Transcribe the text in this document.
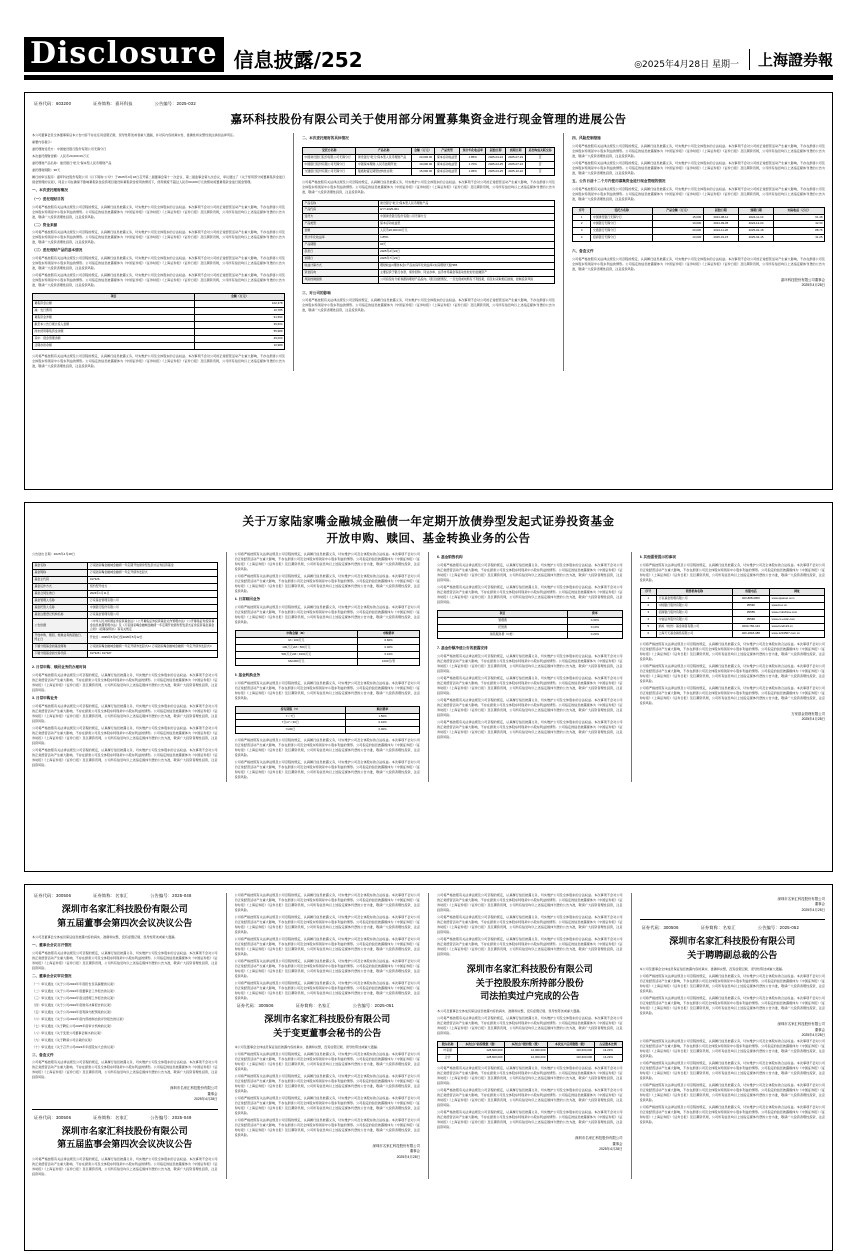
Disclosure 信息披露/252	◎2025年4月28日 星期一	上海證券報
证券代码：603200	证券简称：嘉环科技	公告编号：2025-032
嘉环科技股份有限公司关于使用部分闲置募集资金进行现金管理的进展公告

本公司董事会及全体董事保证本公告内容不存在任何虚假记载、误导性陈述或者重大遗漏，并对其内容的真实性、准确性和完整性依法承担法律责任。

重要内容提示：

委托理财受托方：中国建设银行股份有限公司无锡分行

本次委托理财金额：人民币20,000.00万元

委托理财产品名称：建设银行“乾元”保本型人民币理财产品

委托理财期限：90天

履行的审议程序：嘉环科技股份有限公司（以下简称“公司”）于2025年3月18日召开第二届董事会第十一次会议、第二届监事会第九次会议，审议通过了《关于使用部分闲置募集资金进行现金管理的议案》，同意公司在确保不影响募集资金投资项目建设和募集资金使用的情况下，使用额度不超过人民币60,000万元的暂时闲置募集资金进行现金管理。

一、本次委托理财概况
（一）委托理财目的

公司将严格按照有关法律法规及公司章程的规定，认真履行信息披露义务，切实维护公司及全体股东的合法权益。本次事项不会对公司的正常经营活动产生重大影响，不存在损害公司及全体股东特别是中小股东利益的情形。公司指定的信息披露媒体为《中国证券报》《证券时报》《上海证券报》《证券日报》及巨潮资讯网，公司所有信息均以上述指定媒体刊登的公告为准，敬请广大投资者理性投资，注意投资风险。

（二）资金来源

公司将严格按照有关法律法规及公司章程的规定，认真履行信息披露义务，切实维护公司及全体股东的合法权益。本次事项不会对公司的正常经营活动产生重大影响，不存在损害公司及全体股东特别是中小股东利益的情形。公司指定的信息披露媒体为《中国证券报》《证券时报》《上海证券报》《证券日报》及巨潮资讯网，公司所有信息均以上述指定媒体刊登的公告为准，敬请广大投资者理性投资，注意投资风险。

（三）委托理财产品的基本情况

公司将严格按照有关法律法规及公司章程的规定，认真履行信息披露义务，切实维护公司及全体股东的合法权益。本次事项不会对公司的正常经营活动产生重大影响，不存在损害公司及全体股东特别是中小股东利益的情形。公司指定的信息披露媒体为《中国证券报》《证券时报》《上海证券报》《证券日报》及巨潮资讯网，公司所有信息均以上述指定媒体刊登的公告为准，敬请广大投资者理性投资，注意投资风险。

公司将严格按照有关法律法规及公司章程的规定，认真履行信息披露义务，切实维护公司及全体股东的合法权益。本次事项不会对公司的正常经营活动产生重大影响，不存在损害公司及全体股东特别是中小股东利益的情形。公司指定的信息披露媒体为《中国证券报》《证券时报》《上海证券报》《证券日报》及巨潮资讯网，公司所有信息均以上述指定媒体刊登的公告为准，敬请广大投资者理性投资，注意投资风险。

项目	金额（万元）
募集资金总额	102,378
减：发行费用	10,785
募集资金净额	91,593
截至本公告日累计投入金额	35,604
尚未使用募集资金余额	55,989
其中：现金管理余额	45,000
活期存款余额	10,989

公司将严格按照有关法律法规及公司章程的规定，认真履行信息披露义务，切实维护公司及全体股东的合法权益。本次事项不会对公司的正常经营活动产生重大影响，不存在损害公司及全体股东特别是中小股东利益的情形。公司指定的信息披露媒体为《中国证券报》《证券时报》《上海证券报》《证券日报》及巨潮资讯网，公司所有信息均以上述指定媒体刊登的公告为准，敬请广大投资者理性投资，注意投资风险。

二、本次委托理财的具体情况
受托方名称	产品名称	金额（万元）	产品类型	预计年化收益率	起始日期	到期日期	是否构成关联交易
中国建设银行股份有限公司无锡分行	建设银行“乾元”保本型人民币理财产品	20,000.00	保本浮动收益型	1.85%	2025-04-24	2025-07-23	否
中国银行股份有限公司无锡分行	中银保本理财-人民币按期开放	10,000.00	保本浮动收益型	1.70%	2025-04-25	2025-07-24	否
交通银行股份有限公司无锡分行	蕴通财富定期型结构性存款	15,000.00	保本浮动收益型	1.95%	2025-04-25	2025-10-22	否

公司将严格按照有关法律法规及公司章程的规定，认真履行信息披露义务，切实维护公司及全体股东的合法权益。本次事项不会对公司的正常经营活动产生重大影响，不存在损害公司及全体股东特别是中小股东利益的情形。公司指定的信息披露媒体为《中国证券报》《证券时报》《上海证券报》《证券日报》及巨潮资讯网，公司所有信息均以上述指定媒体刊登的公告为准，敬请广大投资者理性投资，注意投资风险。

产品名称	建设银行“乾元”保本型人民币理财产品
产品代码	HYT-2025-001
受托方	中国建设银行股份有限公司无锡分行
产品类型	保本浮动收益型
金额	人民币20,000.00万元
预计年化收益率	1.85%
产品期限	90天
起息日	2025年4月24日
到期日	2025年7月23日
收益计算方式	理财收益=理财本金×产品实际年化收益率×实际理财天数/365
资金投向	主要投资于银行存款、债券回购、同业存单、货币市场基金等流动性较好的金融资产
风险控制措施	公司将及时分析和跟踪理财产品投向、项目进展情况，一旦发现或判断有不利因素，将及时采取相应措施，控制投资风险
三、对公司的影响

公司将严格按照有关法律法规及公司章程的规定，认真履行信息披露义务，切实维护公司及全体股东的合法权益。本次事项不会对公司的正常经营活动产生重大影响，不存在损害公司及全体股东特别是中小股东利益的情形。公司指定的信息披露媒体为《中国证券报》《证券时报》《上海证券报》《证券日报》及巨潮资讯网，公司所有信息均以上述指定媒体刊登的公告为准，敬请广大投资者理性投资，注意投资风险。

四、风险控制措施

公司将严格按照有关法律法规及公司章程的规定，认真履行信息披露义务，切实维护公司及全体股东的合法权益。本次事项不会对公司的正常经营活动产生重大影响，不存在损害公司及全体股东特别是中小股东利益的情形。公司指定的信息披露媒体为《中国证券报》《证券时报》《上海证券报》《证券日报》及巨潮资讯网，公司所有信息均以上述指定媒体刊登的公告为准，敬请广大投资者理性投资，注意投资风险。

公司将严格按照有关法律法规及公司章程的规定，认真履行信息披露义务，切实维护公司及全体股东的合法权益。本次事项不会对公司的正常经营活动产生重大影响，不存在损害公司及全体股东特别是中小股东利益的情形。公司指定的信息披露媒体为《中国证券报》《证券时报》《上海证券报》《证券日报》及巨潮资讯网，公司所有信息均以上述指定媒体刊登的公告为准，敬请广大投资者理性投资，注意投资风险。

五、公告日前十二个月内使用募集资金进行现金管理的情况

公司将严格按照有关法律法规及公司章程的规定，认真履行信息披露义务，切实维护公司及全体股东的合法权益。本次事项不会对公司的正常经营活动产生重大影响，不存在损害公司及全体股东特别是中小股东利益的情形。公司指定的信息披露媒体为《中国证券报》《证券时报》《上海证券报》《证券日报》及巨潮资讯网，公司所有信息均以上述指定媒体刊登的公告为准，敬请广大投资者理性投资，注意投资风险。

序号	受托方名称	产品金额（万元）	起始日期	到期日期	实际收益（万元）
1	中国建设银行无锡分行	15,000	2024-08-12	2024-11-10	61.48
2	中国银行无锡分行	10,000	2024-09-05	2024-12-04	42.33
3	交通银行无锡分行	20,000	2024-11-20	2025-02-18	88.76
4	招商银行无锡分行	10,000	2025-01-15	2025-04-15	41.25
六、备查文件

公司将严格按照有关法律法规及公司章程的规定，认真履行信息披露义务，切实维护公司及全体股东的合法权益。本次事项不会对公司的正常经营活动产生重大影响，不存在损害公司及全体股东特别是中小股东利益的情形。公司指定的信息披露媒体为《中国证券报》《证券时报》《上海证券报》《证券日报》及巨潮资讯网，公司所有信息均以上述指定媒体刊登的公告为准，敬请广大投资者理性投资，注意投资风险。

嘉环科技股份有限公司董事会
2025年4月28日
关于万家陆家嘴金融城金融债一年定期开放债券型发起式证券投资基金
开放申购、赎回、基金转换业务的公告

公告送出日期：2025年4月28日

基金名称	万家陆家嘴金融城金融债一年定期开放债券型发起式证券投资基金
基金简称	万家陆家嘴金融城金融债一年定开债券发起式
基金主代码	017326
基金运作方式	契约型开放式
基金合同生效日	2023年1月11日
基金管理人名称	万家基金管理有限公司
基金托管人名称	中国银行股份有限公司
基金注册登记机构名称	万家基金管理有限公司
公告依据	《中华人民共和国证券投资基金法》《公开募集证券投资基金运作管理办法》《公开募集证券投资基金信息披露管理办法》及《万家陆家嘴金融城金融债一年定期开放债券型发起式证券投资基金基金合同》《招募说明书》等有关规定
开放申购、赎回、转换业务的起始日、终止日	开放日：2025年5月6日至2025年5月12日
下属分级基金的基金简称	万家陆家嘴金融城金融债一年定开债券发起式A / 万家陆家嘴金融城金融债一年定开债券发起式C
下属分级基金的交易代码	017326 / 017327
2. 日常申购、赎回业务的办理时间

公司将严格按照有关法律法规及公司章程的规定，认真履行信息披露义务，切实维护公司及全体股东的合法权益。本次事项不会对公司的正常经营活动产生重大影响，不存在损害公司及全体股东特别是中小股东利益的情形。公司指定的信息披露媒体为《中国证券报》《证券时报》《上海证券报》《证券日报》及巨潮资讯网，公司所有信息均以上述指定媒体刊登的公告为准，敬请广大投资者理性投资，注意投资风险。

3. 日常申购业务

公司将严格按照有关法律法规及公司章程的规定，认真履行信息披露义务，切实维护公司及全体股东的合法权益。本次事项不会对公司的正常经营活动产生重大影响，不存在损害公司及全体股东特别是中小股东利益的情形。公司指定的信息披露媒体为《中国证券报》《证券时报》《上海证券报》《证券日报》及巨潮资讯网，公司所有信息均以上述指定媒体刊登的公告为准，敬请广大投资者理性投资，注意投资风险。

公司将严格按照有关法律法规及公司章程的规定，认真履行信息披露义务，切实维护公司及全体股东的合法权益。本次事项不会对公司的正常经营活动产生重大影响，不存在损害公司及全体股东特别是中小股东利益的情形。公司指定的信息披露媒体为《中国证券报》《证券时报》《上海证券报》《证券日报》及巨潮资讯网，公司所有信息均以上述指定媒体刊登的公告为准，敬请广大投资者理性投资，注意投资风险。

公司将严格按照有关法律法规及公司章程的规定，认真履行信息披露义务，切实维护公司及全体股东的合法权益。本次事项不会对公司的正常经营活动产生重大影响，不存在损害公司及全体股东特别是中小股东利益的情形。公司指定的信息披露媒体为《中国证券报》《证券时报》《上海证券报》《证券日报》及巨潮资讯网，公司所有信息均以上述指定媒体刊登的公告为准，敬请广大投资者理性投资，注意投资风险。

公司将严格按照有关法律法规及公司章程的规定，认真履行信息披露义务，切实维护公司及全体股东的合法权益。本次事项不会对公司的正常经营活动产生重大影响，不存在损害公司及全体股东特别是中小股东利益的情形。公司指定的信息披露媒体为《中国证券报》《证券时报》《上海证券报》《证券日报》及巨潮资讯网，公司所有信息均以上述指定媒体刊登的公告为准，敬请广大投资者理性投资，注意投资风险。

公司将严格按照有关法律法规及公司章程的规定，认真履行信息披露义务，切实维护公司及全体股东的合法权益。本次事项不会对公司的正常经营活动产生重大影响，不存在损害公司及全体股东特别是中小股东利益的情形。公司指定的信息披露媒体为《中国证券报》《证券时报》《上海证券报》《证券日报》及巨潮资讯网，公司所有信息均以上述指定媒体刊登的公告为准，敬请广大投资者理性投资，注意投资风险。

4. 日常赎回业务

公司将严格按照有关法律法规及公司章程的规定，认真履行信息披露义务，切实维护公司及全体股东的合法权益。本次事项不会对公司的正常经营活动产生重大影响，不存在损害公司及全体股东特别是中小股东利益的情形。公司指定的信息披露媒体为《中国证券报》《证券时报》《上海证券报》《证券日报》及巨潮资讯网，公司所有信息均以上述指定媒体刊登的公告为准，敬请广大投资者理性投资，注意投资风险。

申购金额（M）	申购费率
M＜100万元	0.60%
100万元≤M＜500万元	0.40%
500万元≤M＜1000万元	0.10%
M≥1000万元	1000元/笔
5. 基金转换业务

公司将严格按照有关法律法规及公司章程的规定，认真履行信息披露义务，切实维护公司及全体股东的合法权益。本次事项不会对公司的正常经营活动产生重大影响，不存在损害公司及全体股东特别是中小股东利益的情形。公司指定的信息披露媒体为《中国证券报》《证券时报》《上海证券报》《证券日报》及巨潮资讯网，公司所有信息均以上述指定媒体刊登的公告为准，敬请广大投资者理性投资，注意投资风险。

持有期限（Y）	赎回费率
Y＜7日	1.50%
7日≤Y＜30日	0.10%
Y≥30日	0.00%

公司将严格按照有关法律法规及公司章程的规定，认真履行信息披露义务，切实维护公司及全体股东的合法权益。本次事项不会对公司的正常经营活动产生重大影响，不存在损害公司及全体股东特别是中小股东利益的情形。公司指定的信息披露媒体为《中国证券报》《证券时报》《上海证券报》《证券日报》及巨潮资讯网，公司所有信息均以上述指定媒体刊登的公告为准，敬请广大投资者理性投资，注意投资风险。

公司将严格按照有关法律法规及公司章程的规定，认真履行信息披露义务，切实维护公司及全体股东的合法权益。本次事项不会对公司的正常经营活动产生重大影响，不存在损害公司及全体股东特别是中小股东利益的情形。公司指定的信息披露媒体为《中国证券报》《证券时报》《上海证券报》《证券日报》及巨潮资讯网，公司所有信息均以上述指定媒体刊登的公告为准，敬请广大投资者理性投资，注意投资风险。

6. 基金销售机构

公司将严格按照有关法律法规及公司章程的规定，认真履行信息披露义务，切实维护公司及全体股东的合法权益。本次事项不会对公司的正常经营活动产生重大影响，不存在损害公司及全体股东特别是中小股东利益的情形。公司指定的信息披露媒体为《中国证券报》《证券时报》《上海证券报》《证券日报》及巨潮资讯网，公司所有信息均以上述指定媒体刊登的公告为准，敬请广大投资者理性投资，注意投资风险。

公司将严格按照有关法律法规及公司章程的规定，认真履行信息披露义务，切实维护公司及全体股东的合法权益。本次事项不会对公司的正常经营活动产生重大影响，不存在损害公司及全体股东特别是中小股东利益的情形。公司指定的信息披露媒体为《中国证券报》《证券时报》《上海证券报》《证券日报》及巨潮资讯网，公司所有信息均以上述指定媒体刊登的公告为准，敬请广大投资者理性投资，注意投资风险。

项目	费率
管理费	0.30%
托管费	0.10%
销售服务费（C类）	0.20%
7. 基金份额净值公告的披露安排

公司将严格按照有关法律法规及公司章程的规定，认真履行信息披露义务，切实维护公司及全体股东的合法权益。本次事项不会对公司的正常经营活动产生重大影响，不存在损害公司及全体股东特别是中小股东利益的情形。公司指定的信息披露媒体为《中国证券报》《证券时报》《上海证券报》《证券日报》及巨潮资讯网，公司所有信息均以上述指定媒体刊登的公告为准，敬请广大投资者理性投资，注意投资风险。

公司将严格按照有关法律法规及公司章程的规定，认真履行信息披露义务，切实维护公司及全体股东的合法权益。本次事项不会对公司的正常经营活动产生重大影响，不存在损害公司及全体股东特别是中小股东利益的情形。公司指定的信息披露媒体为《中国证券报》《证券时报》《上海证券报》《证券日报》及巨潮资讯网，公司所有信息均以上述指定媒体刊登的公告为准，敬请广大投资者理性投资，注意投资风险。

公司将严格按照有关法律法规及公司章程的规定，认真履行信息披露义务，切实维护公司及全体股东的合法权益。本次事项不会对公司的正常经营活动产生重大影响，不存在损害公司及全体股东特别是中小股东利益的情形。公司指定的信息披露媒体为《中国证券报》《证券时报》《上海证券报》《证券日报》及巨潮资讯网，公司所有信息均以上述指定媒体刊登的公告为准，敬请广大投资者理性投资，注意投资风险。

公司将严格按照有关法律法规及公司章程的规定，认真履行信息披露义务，切实维护公司及全体股东的合法权益。本次事项不会对公司的正常经营活动产生重大影响，不存在损害公司及全体股东特别是中小股东利益的情形。公司指定的信息披露媒体为《中国证券报》《证券时报》《上海证券报》《证券日报》及巨潮资讯网，公司所有信息均以上述指定媒体刊登的公告为准，敬请广大投资者理性投资，注意投资风险。

8. 其他需要提示的事项

公司将严格按照有关法律法规及公司章程的规定，认真履行信息披露义务，切实维护公司及全体股东的合法权益。本次事项不会对公司的正常经营活动产生重大影响，不存在损害公司及全体股东特别是中小股东利益的情形。公司指定的信息披露媒体为《中国证券报》《证券时报》《上海证券报》《证券日报》及巨潮资讯网，公司所有信息均以上述指定媒体刊登的公告为准，敬请广大投资者理性投资，注意投资风险。

序号	销售机构名称	客服电话	网址
1	万家基金管理有限公司	400-888-0800	www.wjasset.com
2	中国银行股份有限公司	95566	www.boc.cn
3	招商银行股份有限公司	95555	www.cmbchina.com
4	中信证券股份有限公司	95548	www.cs.ecitic.com
5	蚂蚁（杭州）基金销售有限公司	4000-766-123	www.fund123.cn
6	上海天天基金销售有限公司	400-1818-188	www.1234567.com.cn

公司将严格按照有关法律法规及公司章程的规定，认真履行信息披露义务，切实维护公司及全体股东的合法权益。本次事项不会对公司的正常经营活动产生重大影响，不存在损害公司及全体股东特别是中小股东利益的情形。公司指定的信息披露媒体为《中国证券报》《证券时报》《上海证券报》《证券日报》及巨潮资讯网，公司所有信息均以上述指定媒体刊登的公告为准，敬请广大投资者理性投资，注意投资风险。

公司将严格按照有关法律法规及公司章程的规定，认真履行信息披露义务，切实维护公司及全体股东的合法权益。本次事项不会对公司的正常经营活动产生重大影响，不存在损害公司及全体股东特别是中小股东利益的情形。公司指定的信息披露媒体为《中国证券报》《证券时报》《上海证券报》《证券日报》及巨潮资讯网，公司所有信息均以上述指定媒体刊登的公告为准，敬请广大投资者理性投资，注意投资风险。

公司将严格按照有关法律法规及公司章程的规定，认真履行信息披露义务，切实维护公司及全体股东的合法权益。本次事项不会对公司的正常经营活动产生重大影响，不存在损害公司及全体股东特别是中小股东利益的情形。公司指定的信息披露媒体为《中国证券报》《证券时报》《上海证券报》《证券日报》及巨潮资讯网，公司所有信息均以上述指定媒体刊登的公告为准，敬请广大投资者理性投资，注意投资风险。

万家基金管理有限公司
2025年4月28日
证券代码：300506	证券简称：名家汇	公告编号：2025-048
深圳市名家汇科技股份有限公司
第五届董事会第四次会议决议公告

本公司及董事会全体成员保证信息披露内容的真实、准确和完整，没有虚假记载、误导性陈述或重大遗漏。

一、董事会会议召开情况

公司将严格按照有关法律法规及公司章程的规定，认真履行信息披露义务，切实维护公司及全体股东的合法权益。本次事项不会对公司的正常经营活动产生重大影响，不存在损害公司及全体股东特别是中小股东利益的情形。公司指定的信息披露媒体为《中国证券报》《证券时报》《上海证券报》《证券日报》及巨潮资讯网，公司所有信息均以上述指定媒体刊登的公告为准，敬请广大投资者理性投资，注意投资风险。

二、董事会会议审议情况

（一）审议通过《关于公司2024年年度报告及其摘要的议案》

（二）审议通过《关于公司2024年度董事会工作报告的议案》

（三）审议通过《关于公司2024年度总经理工作报告的议案》

（四）审议通过《关于公司2024年度财务决算报告的议案》

（五）审议通过《关于公司2024年度利润分配预案的议案》

（六）审议通过《关于公司2024年度内部控制自我评价报告的议案》

（七）审议通过《关于聘任公司2025年度审计机构的议案》

（八）审议通过《关于变更公司董事会秘书的议案》

（九）审议通过《关于聘请公司总裁的议案》

（十）审议通过《关于召开公司2024年年度股东大会的议案》

三、备查文件

公司将严格按照有关法律法规及公司章程的规定，认真履行信息披露义务，切实维护公司及全体股东的合法权益。本次事项不会对公司的正常经营活动产生重大影响，不存在损害公司及全体股东特别是中小股东利益的情形。公司指定的信息披露媒体为《中国证券报》《证券时报》《上海证券报》《证券日报》及巨潮资讯网，公司所有信息均以上述指定媒体刊登的公告为准，敬请广大投资者理性投资，注意投资风险。

深圳市名家汇科技股份有限公司
董事会
2025年4月28日
证券代码：300506	证券简称：名家汇	公告编号：2025-049
深圳市名家汇科技股份有限公司
第五届监事会第四次会议决议公告

公司将严格按照有关法律法规及公司章程的规定，认真履行信息披露义务，切实维护公司及全体股东的合法权益。本次事项不会对公司的正常经营活动产生重大影响，不存在损害公司及全体股东特别是中小股东利益的情形。公司指定的信息披露媒体为《中国证券报》《证券时报》《上海证券报》《证券日报》及巨潮资讯网，公司所有信息均以上述指定媒体刊登的公告为准，敬请广大投资者理性投资，注意投资风险。

公司将严格按照有关法律法规及公司章程的规定，认真履行信息披露义务，切实维护公司及全体股东的合法权益。本次事项不会对公司的正常经营活动产生重大影响，不存在损害公司及全体股东特别是中小股东利益的情形。公司指定的信息披露媒体为《中国证券报》《证券时报》《上海证券报》《证券日报》及巨潮资讯网，公司所有信息均以上述指定媒体刊登的公告为准，敬请广大投资者理性投资，注意投资风险。

公司将严格按照有关法律法规及公司章程的规定，认真履行信息披露义务，切实维护公司及全体股东的合法权益。本次事项不会对公司的正常经营活动产生重大影响，不存在损害公司及全体股东特别是中小股东利益的情形。公司指定的信息披露媒体为《中国证券报》《证券时报》《上海证券报》《证券日报》及巨潮资讯网，公司所有信息均以上述指定媒体刊登的公告为准，敬请广大投资者理性投资，注意投资风险。

公司将严格按照有关法律法规及公司章程的规定，认真履行信息披露义务，切实维护公司及全体股东的合法权益。本次事项不会对公司的正常经营活动产生重大影响，不存在损害公司及全体股东特别是中小股东利益的情形。公司指定的信息披露媒体为《中国证券报》《证券时报》《上海证券报》《证券日报》及巨潮资讯网，公司所有信息均以上述指定媒体刊登的公告为准，敬请广大投资者理性投资，注意投资风险。

公司将严格按照有关法律法规及公司章程的规定，认真履行信息披露义务，切实维护公司及全体股东的合法权益。本次事项不会对公司的正常经营活动产生重大影响，不存在损害公司及全体股东特别是中小股东利益的情形。公司指定的信息披露媒体为《中国证券报》《证券时报》《上海证券报》《证券日报》及巨潮资讯网，公司所有信息均以上述指定媒体刊登的公告为准，敬请广大投资者理性投资，注意投资风险。

公司将严格按照有关法律法规及公司章程的规定，认真履行信息披露义务，切实维护公司及全体股东的合法权益。本次事项不会对公司的正常经营活动产生重大影响，不存在损害公司及全体股东特别是中小股东利益的情形。公司指定的信息披露媒体为《中国证券报》《证券时报》《上海证券报》《证券日报》及巨潮资讯网，公司所有信息均以上述指定媒体刊登的公告为准，敬请广大投资者理性投资，注意投资风险。

证券代码：300506	证券简称：名家汇	公告编号：2025-051
深圳市名家汇科技股份有限公司
关于变更董事会秘书的公告

本公司及董事会全体成员保证信息披露内容的真实、准确和完整，没有虚假记载、误导性陈述或重大遗漏。

公司将严格按照有关法律法规及公司章程的规定，认真履行信息披露义务，切实维护公司及全体股东的合法权益。本次事项不会对公司的正常经营活动产生重大影响，不存在损害公司及全体股东特别是中小股东利益的情形。公司指定的信息披露媒体为《中国证券报》《证券时报》《上海证券报》《证券日报》及巨潮资讯网，公司所有信息均以上述指定媒体刊登的公告为准，敬请广大投资者理性投资，注意投资风险。

公司将严格按照有关法律法规及公司章程的规定，认真履行信息披露义务，切实维护公司及全体股东的合法权益。本次事项不会对公司的正常经营活动产生重大影响，不存在损害公司及全体股东特别是中小股东利益的情形。公司指定的信息披露媒体为《中国证券报》《证券时报》《上海证券报》《证券日报》及巨潮资讯网，公司所有信息均以上述指定媒体刊登的公告为准，敬请广大投资者理性投资，注意投资风险。

公司将严格按照有关法律法规及公司章程的规定，认真履行信息披露义务，切实维护公司及全体股东的合法权益。本次事项不会对公司的正常经营活动产生重大影响，不存在损害公司及全体股东特别是中小股东利益的情形。公司指定的信息披露媒体为《中国证券报》《证券时报》《上海证券报》《证券日报》及巨潮资讯网，公司所有信息均以上述指定媒体刊登的公告为准，敬请广大投资者理性投资，注意投资风险。

公司将严格按照有关法律法规及公司章程的规定，认真履行信息披露义务，切实维护公司及全体股东的合法权益。本次事项不会对公司的正常经营活动产生重大影响，不存在损害公司及全体股东特别是中小股东利益的情形。公司指定的信息披露媒体为《中国证券报》《证券时报》《上海证券报》《证券日报》及巨潮资讯网，公司所有信息均以上述指定媒体刊登的公告为准，敬请广大投资者理性投资，注意投资风险。

深圳市名家汇科技股份有限公司
董事会
2025年4月28日

公司将严格按照有关法律法规及公司章程的规定，认真履行信息披露义务，切实维护公司及全体股东的合法权益。本次事项不会对公司的正常经营活动产生重大影响，不存在损害公司及全体股东特别是中小股东利益的情形。公司指定的信息披露媒体为《中国证券报》《证券时报》《上海证券报》《证券日报》及巨潮资讯网，公司所有信息均以上述指定媒体刊登的公告为准，敬请广大投资者理性投资，注意投资风险。

公司将严格按照有关法律法规及公司章程的规定，认真履行信息披露义务，切实维护公司及全体股东的合法权益。本次事项不会对公司的正常经营活动产生重大影响，不存在损害公司及全体股东特别是中小股东利益的情形。公司指定的信息披露媒体为《中国证券报》《证券时报》《上海证券报》《证券日报》及巨潮资讯网，公司所有信息均以上述指定媒体刊登的公告为准，敬请广大投资者理性投资，注意投资风险。

公司将严格按照有关法律法规及公司章程的规定，认真履行信息披露义务，切实维护公司及全体股东的合法权益。本次事项不会对公司的正常经营活动产生重大影响，不存在损害公司及全体股东特别是中小股东利益的情形。公司指定的信息披露媒体为《中国证券报》《证券时报》《上海证券报》《证券日报》及巨潮资讯网，公司所有信息均以上述指定媒体刊登的公告为准，敬请广大投资者理性投资，注意投资风险。

深圳市名家汇科技股份有限公司
关于控股股东所持部分股份
司法拍卖过户完成的公告

本公司及董事会全体成员保证信息披露内容的真实、准确和完整，没有虚假记载、误导性陈述或重大遗漏。

公司将严格按照有关法律法规及公司章程的规定，认真履行信息披露义务，切实维护公司及全体股东的合法权益。本次事项不会对公司的正常经营活动产生重大影响，不存在损害公司及全体股东特别是中小股东利益的情形。公司指定的信息披露媒体为《中国证券报》《证券时报》《上海证券报》《证券日报》及巨潮资讯网，公司所有信息均以上述指定媒体刊登的公告为准，敬请广大投资者理性投资，注意投资风险。

股东名称	本次过户前持股数（股）	本次过户股份数（股）	本次过户后持股数（股）	占总股本比例
叶家豪	128,600,000	12,000,000	116,600,000	14.23%
合计	128,600,000	12,000,000	116,600,000	14.23%

公司将严格按照有关法律法规及公司章程的规定，认真履行信息披露义务，切实维护公司及全体股东的合法权益。本次事项不会对公司的正常经营活动产生重大影响，不存在损害公司及全体股东特别是中小股东利益的情形。公司指定的信息披露媒体为《中国证券报》《证券时报》《上海证券报》《证券日报》及巨潮资讯网，公司所有信息均以上述指定媒体刊登的公告为准，敬请广大投资者理性投资，注意投资风险。

公司将严格按照有关法律法规及公司章程的规定，认真履行信息披露义务，切实维护公司及全体股东的合法权益。本次事项不会对公司的正常经营活动产生重大影响，不存在损害公司及全体股东特别是中小股东利益的情形。公司指定的信息披露媒体为《中国证券报》《证券时报》《上海证券报》《证券日报》及巨潮资讯网，公司所有信息均以上述指定媒体刊登的公告为准，敬请广大投资者理性投资，注意投资风险。

公司将严格按照有关法律法规及公司章程的规定，认真履行信息披露义务，切实维护公司及全体股东的合法权益。本次事项不会对公司的正常经营活动产生重大影响，不存在损害公司及全体股东特别是中小股东利益的情形。公司指定的信息披露媒体为《中国证券报》《证券时报》《上海证券报》《证券日报》及巨潮资讯网，公司所有信息均以上述指定媒体刊登的公告为准，敬请广大投资者理性投资，注意投资风险。

深圳市名家汇科技股份有限公司
董事会
2025年4月28日
深圳市名家汇科技股份有限公司
董事会
2025年4月28日
证券代码：300506	证券简称：名家汇	公告编号：2025-052
深圳市名家汇科技股份有限公司
关于聘聘副总裁的公告

本公司及董事会全体成员保证信息披露内容的真实、准确和完整，没有虚假记载、误导性陈述或重大遗漏。

公司将严格按照有关法律法规及公司章程的规定，认真履行信息披露义务，切实维护公司及全体股东的合法权益。本次事项不会对公司的正常经营活动产生重大影响，不存在损害公司及全体股东特别是中小股东利益的情形。公司指定的信息披露媒体为《中国证券报》《证券时报》《上海证券报》《证券日报》及巨潮资讯网，公司所有信息均以上述指定媒体刊登的公告为准，敬请广大投资者理性投资，注意投资风险。

公司将严格按照有关法律法规及公司章程的规定，认真履行信息披露义务，切实维护公司及全体股东的合法权益。本次事项不会对公司的正常经营活动产生重大影响，不存在损害公司及全体股东特别是中小股东利益的情形。公司指定的信息披露媒体为《中国证券报》《证券时报》《上海证券报》《证券日报》及巨潮资讯网，公司所有信息均以上述指定媒体刊登的公告为准，敬请广大投资者理性投资，注意投资风险。

深圳市名家汇科技股份有限公司
董事会
2025年4月28日

公司将严格按照有关法律法规及公司章程的规定，认真履行信息披露义务，切实维护公司及全体股东的合法权益。本次事项不会对公司的正常经营活动产生重大影响，不存在损害公司及全体股东特别是中小股东利益的情形。公司指定的信息披露媒体为《中国证券报》《证券时报》《上海证券报》《证券日报》及巨潮资讯网，公司所有信息均以上述指定媒体刊登的公告为准，敬请广大投资者理性投资，注意投资风险。

公司将严格按照有关法律法规及公司章程的规定，认真履行信息披露义务，切实维护公司及全体股东的合法权益。本次事项不会对公司的正常经营活动产生重大影响，不存在损害公司及全体股东特别是中小股东利益的情形。公司指定的信息披露媒体为《中国证券报》《证券时报》《上海证券报》《证券日报》及巨潮资讯网，公司所有信息均以上述指定媒体刊登的公告为准，敬请广大投资者理性投资，注意投资风险。

公司将严格按照有关法律法规及公司章程的规定，认真履行信息披露义务，切实维护公司及全体股东的合法权益。本次事项不会对公司的正常经营活动产生重大影响，不存在损害公司及全体股东特别是中小股东利益的情形。公司指定的信息披露媒体为《中国证券报》《证券时报》《上海证券报》《证券日报》及巨潮资讯网，公司所有信息均以上述指定媒体刊登的公告为准，敬请广大投资者理性投资，注意投资风险。

公司将严格按照有关法律法规及公司章程的规定，认真履行信息披露义务，切实维护公司及全体股东的合法权益。本次事项不会对公司的正常经营活动产生重大影响，不存在损害公司及全体股东特别是中小股东利益的情形。公司指定的信息披露媒体为《中国证券报》《证券时报》《上海证券报》《证券日报》及巨潮资讯网，公司所有信息均以上述指定媒体刊登的公告为准，敬请广大投资者理性投资，注意投资风险。
